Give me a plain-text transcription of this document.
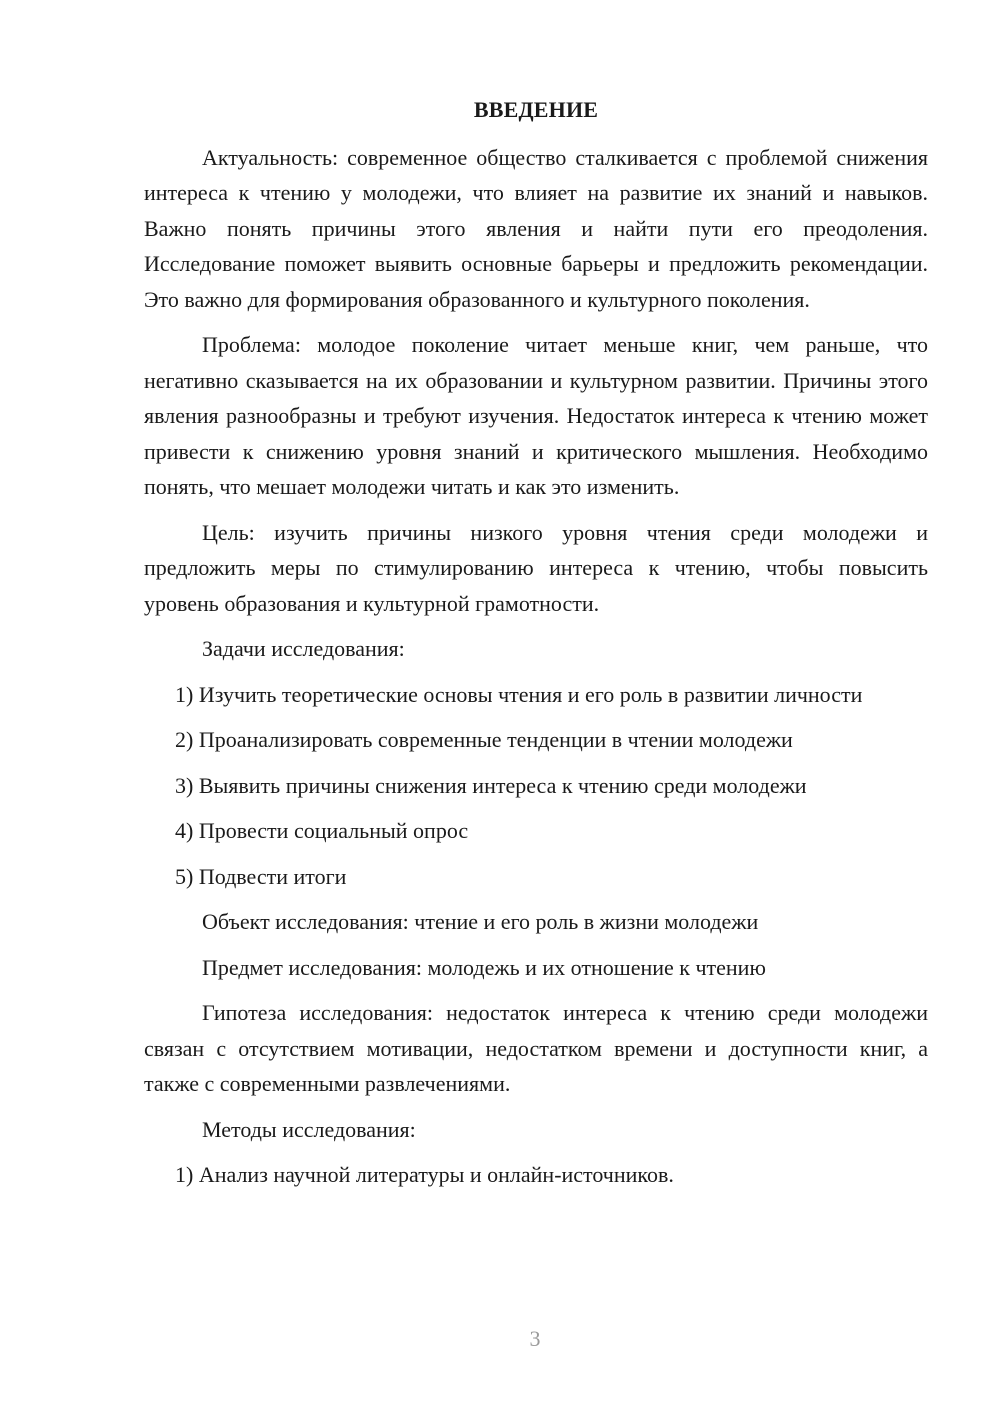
ВВЕДЕНИЕ

Актуальность: современное общество сталкивается с проблемой снижения интереса к чтению у молодежи, что влияет на развитие их знаний и навыков. Важно понять причины этого явления и найти пути его преодоления. Исследование поможет выявить основные барьеры и предложить рекомендации. Это важно для формирования образованного и культурного поколения.

Проблема: молодое поколение читает меньше книг, чем раньше, что негативно сказывается на их образовании и культурном развитии. Причины этого явления разнообразны и требуют изучения. Недостаток интереса к чтению может привести к снижению уровня знаний и критического мышления. Необходимо понять, что мешает молодежи читать и как это изменить.

Цель: изучить причины низкого уровня чтения среди молодежи и предложить меры по стимулированию интереса к чтению, чтобы повысить уровень образования и культурной грамотности.

Задачи исследования:

1) Изучить теоретические основы чтения и его роль в развитии личности

2) Проанализировать современные тенденции в чтении молодежи

3) Выявить причины снижения интереса к чтению среди молодежи

4) Провести социальный опрос

5) Подвести итоги

Объект исследования: чтение и его роль в жизни молодежи

Предмет исследования: молодежь и их отношение к чтению

Гипотеза исследования: недостаток интереса к чтению среди молодежи связан с отсутствием мотивации, недостатком времени и доступности книг, а также с современными развлечениями.

Методы исследования:

1) Анализ научной литературы и онлайн-источников.

3
